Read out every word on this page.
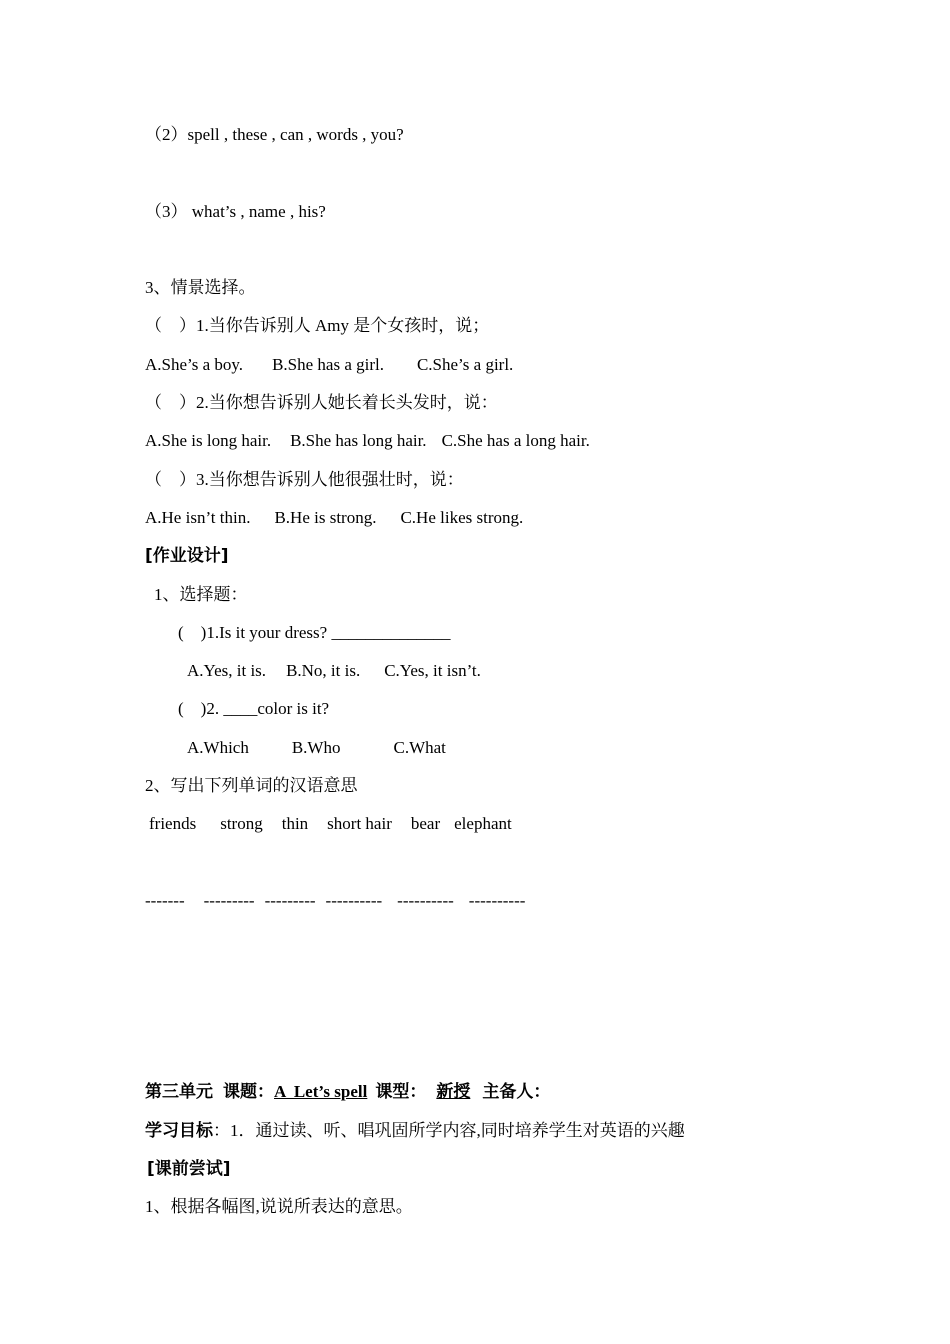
（2）spell , these , can , words , you?
（3） what’s , name , his?
3、情景选择。
（　）1.当你告诉别人 Amy 是个女孩时，说；
A.She’s a boy. B.She has a girl. C.She’s a girl.
（　）2.当你想告诉别人她长着长头发时，说：
A.She is long hair. B.She has long hair. C.She has a long hair.
（　）3.当你想告诉别人他很强壮时，说：
A.He isn’t thin. B.He is strong. C.He likes strong.
[作业设计]
1、选择题：
(　)1.Is it your dress? ______________
A.Yes, it is. B.No, it is. C.Yes, it isn’t.
(　)2. ____color is it?
A.Which	B.Who	C.What
2、写出下列单词的汉语意思
friends strong thin short hair bear elephant
------- --------- --------- ---------- ---------- ----------
第三单元 课题：A  Let’s spell 课型： 新授 主备人：
学习目标：1．通过读、听、唱巩固所学内容,同时培养学生对英语的兴趣
[课前尝试]
1、根据各幅图,说说所表达的意思。
